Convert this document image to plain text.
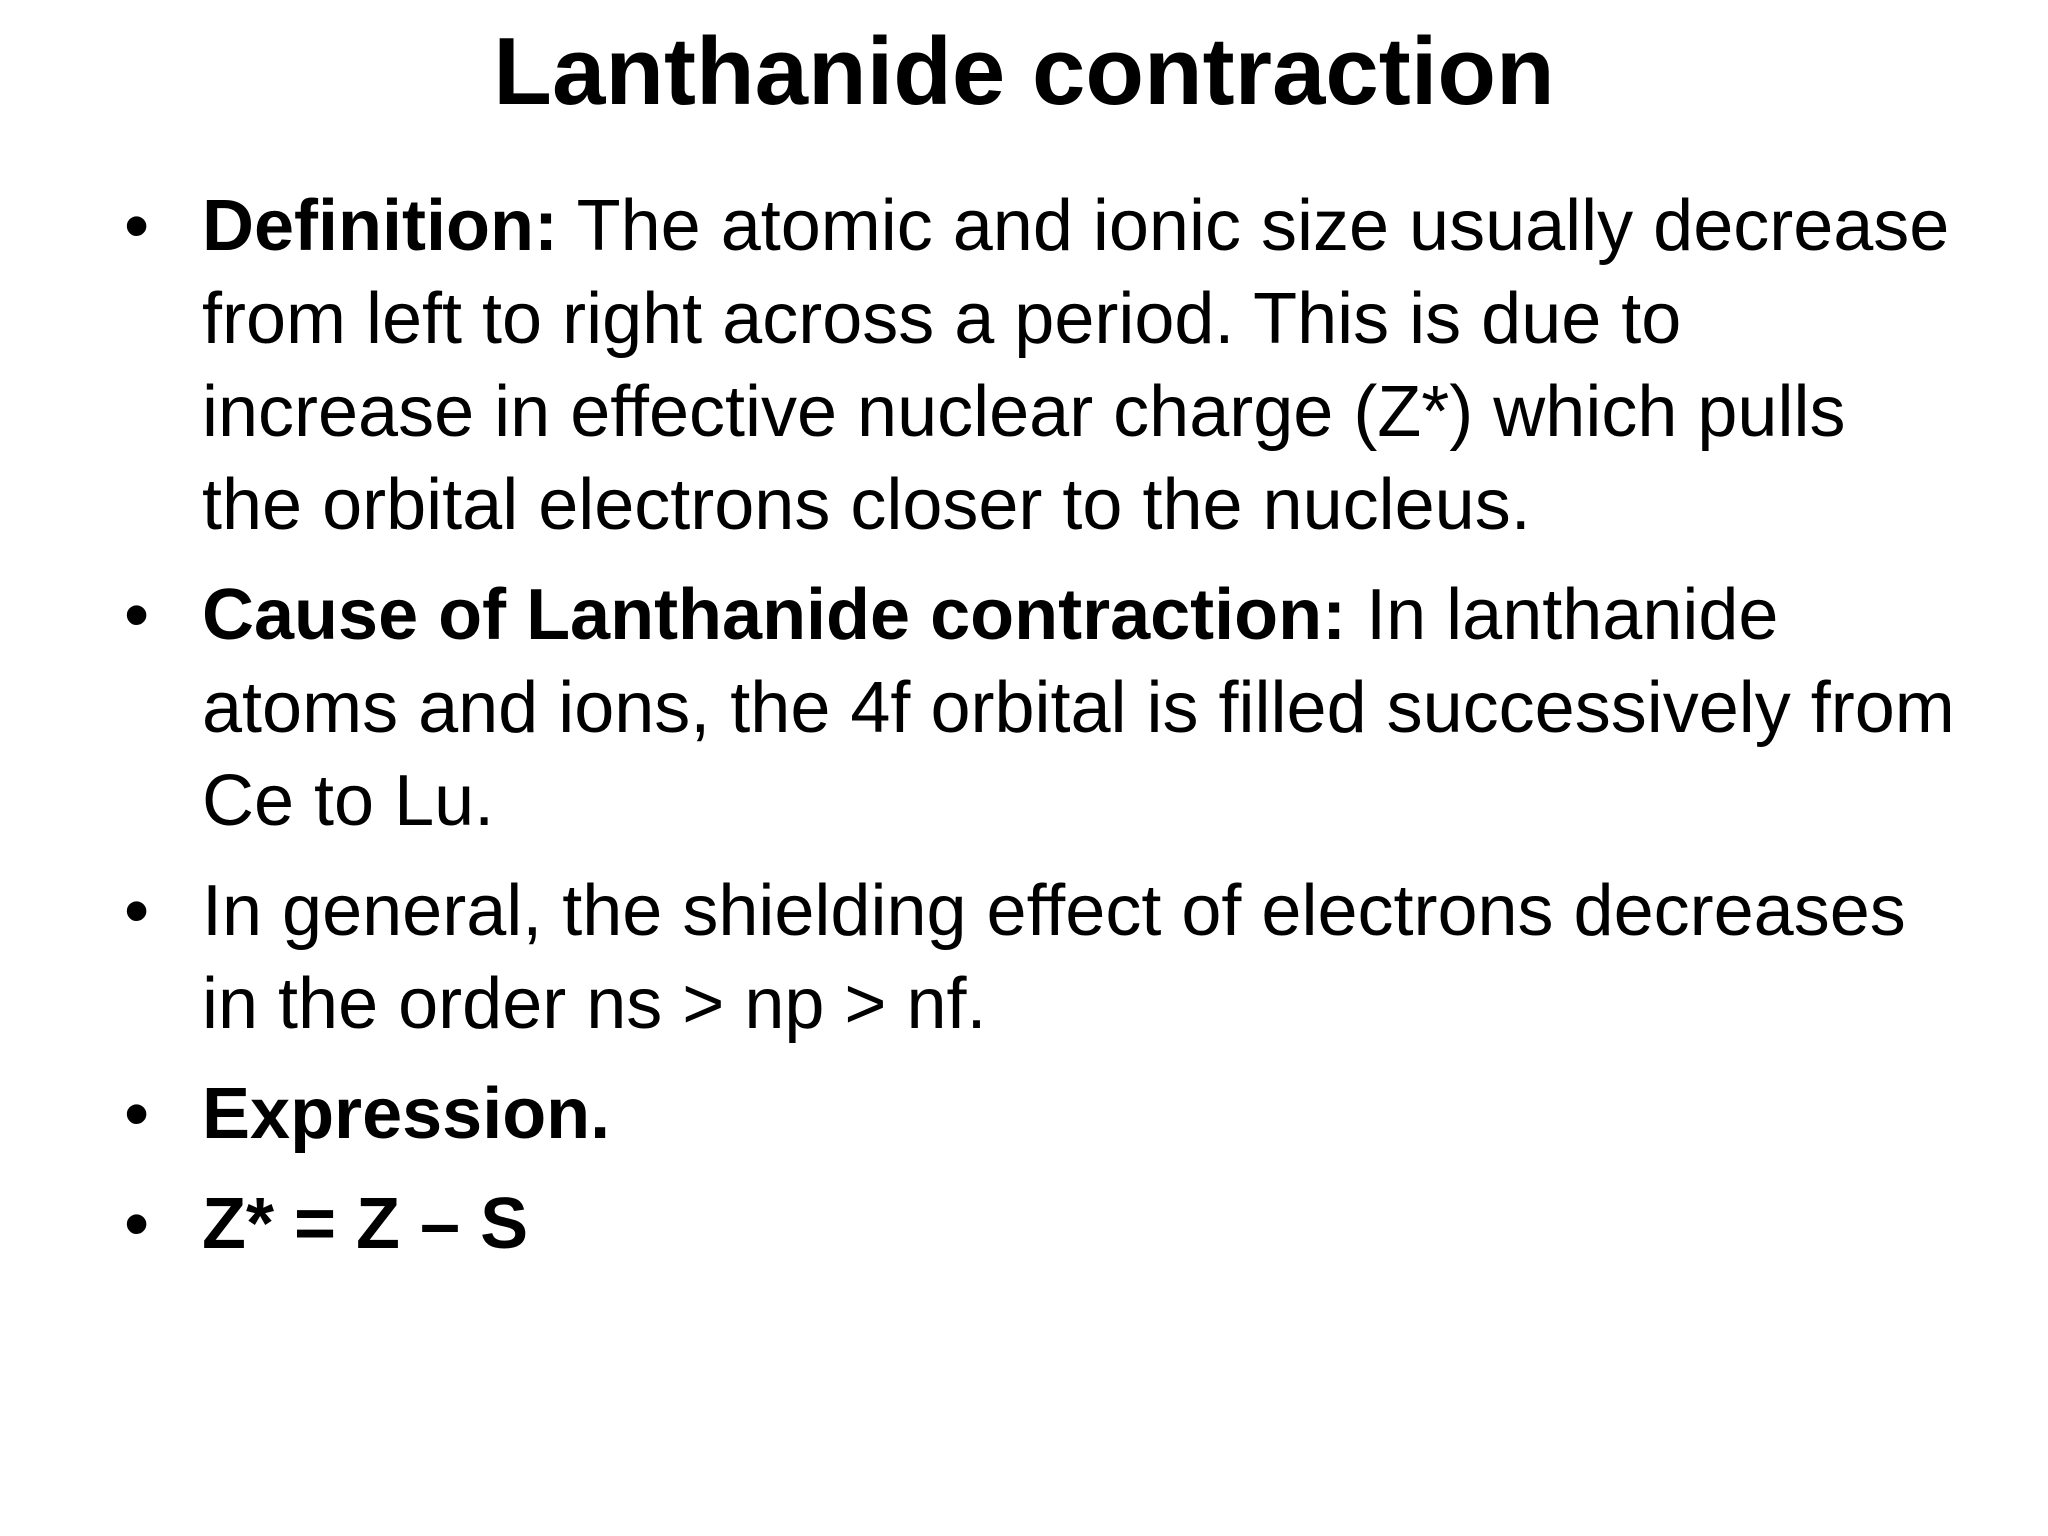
Lanthanide contraction
• Definition: The atomic and ionic size usually decrease from left to right across a period. This is due to increase in effective nuclear charge (Z*) which pulls the orbital electrons closer to the nucleus.
• Cause of Lanthanide contraction: In lanthanide atoms and ions, the 4f orbital is filled successively from Ce to Lu.
• In general, the shielding effect of electrons decreases in the order ns > np > nf.
• Expression.
• Z* = Z – S
